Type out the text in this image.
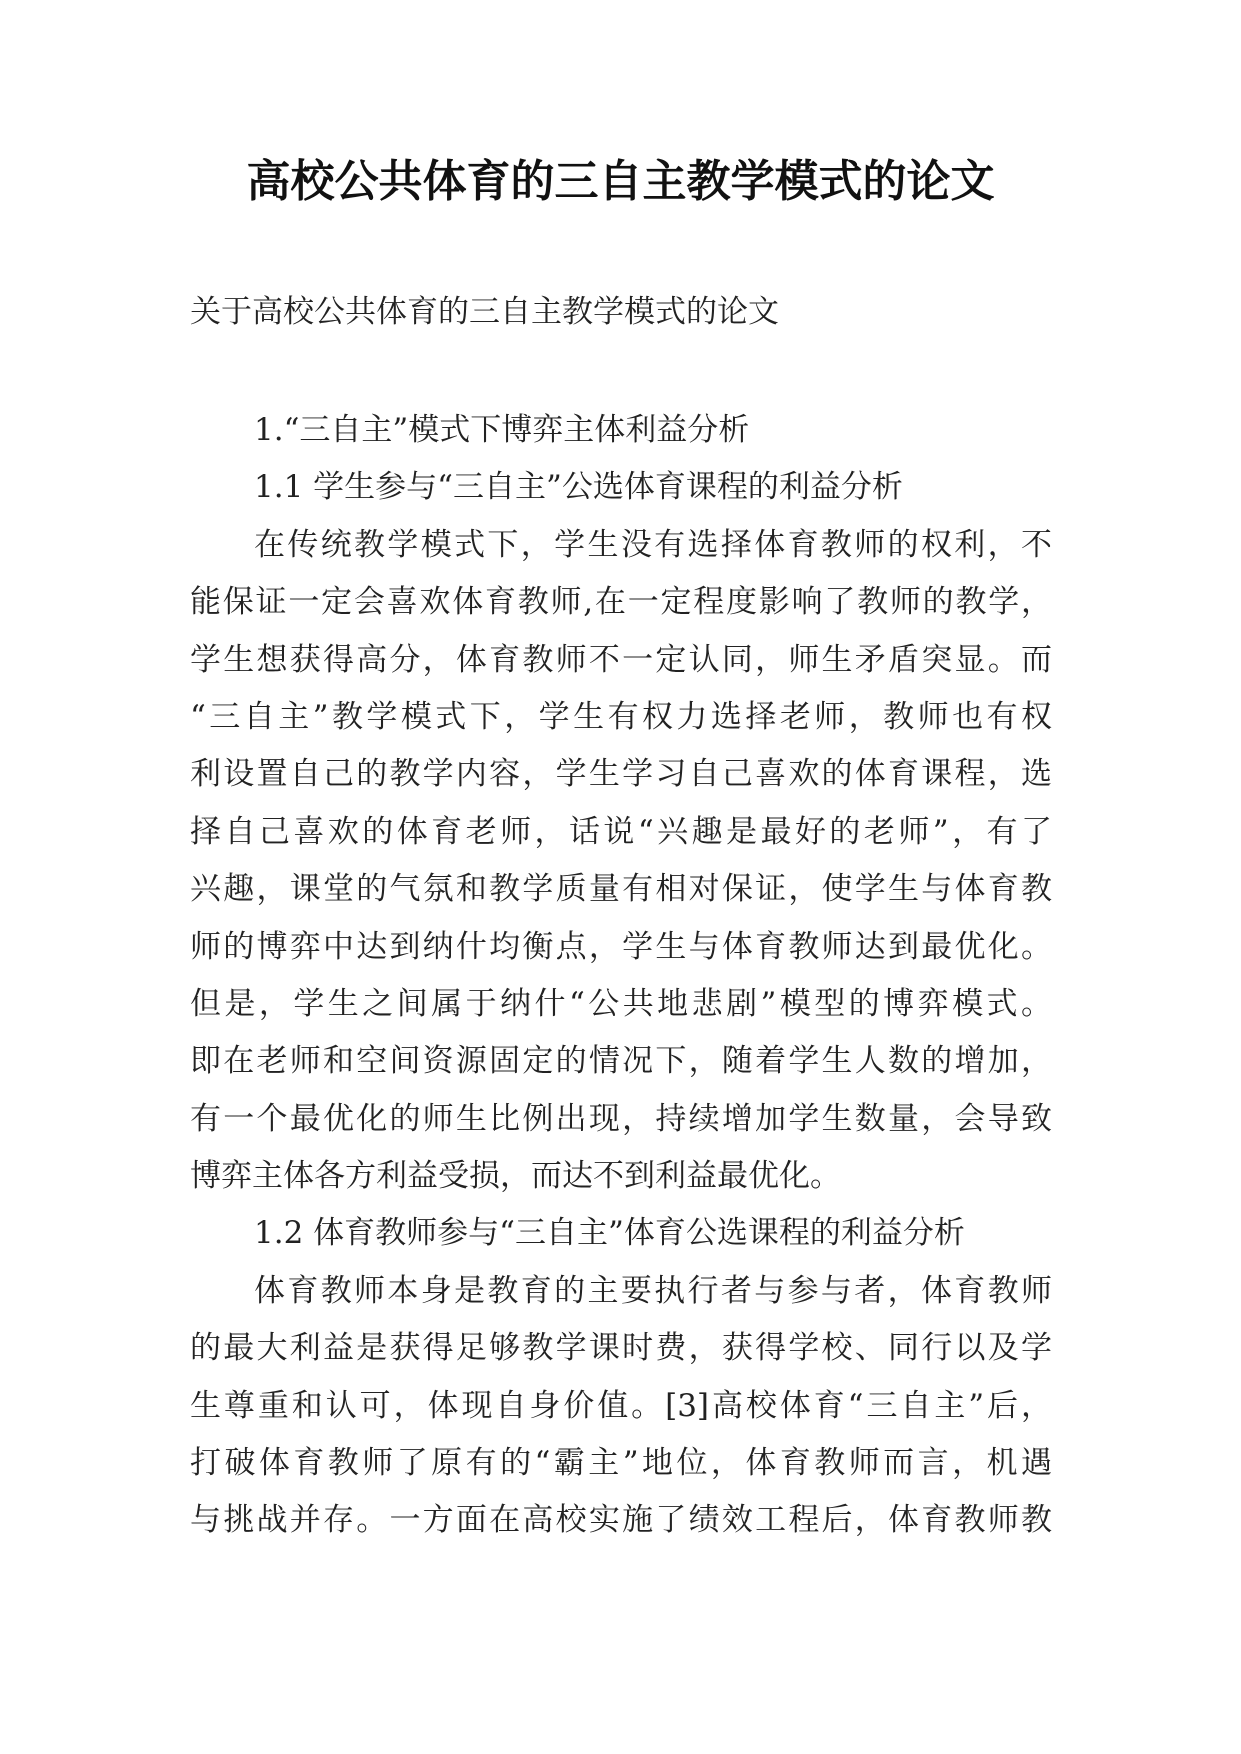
高校公共体育的三自主教学模式的论文
关于高校公共体育的三自主教学模式的论文
1.“三自主”模式下博弈主体利益分析
1.1 学生参与“三自主”公选体育课程的利益分析
在传统教学模式下，学生没有选择体育教师的权利，不
能保证一定会喜欢体育教师,在一定程度影响了教师的教学，
学生想获得高分，体育教师不一定认同，师生矛盾突显。而
“三自主”教学模式下，学生有权力选择老师，教师也有权
利设置自己的教学内容，学生学习自己喜欢的体育课程，选
择自己喜欢的体育老师，话说“兴趣是最好的老师”，有了
兴趣，课堂的气氛和教学质量有相对保证，使学生与体育教
师的博弈中达到纳什均衡点，学生与体育教师达到最优化。
但是，学生之间属于纳什“公共地悲剧”模型的博弈模式。
即在老师和空间资源固定的情况下，随着学生人数的增加，
有一个最优化的师生比例出现，持续增加学生数量，会导致
博弈主体各方利益受损，而达不到利益最优化。
1.2 体育教师参与“三自主”体育公选课程的利益分析
体育教师本身是教育的主要执行者与参与者，体育教师
的最大利益是获得足够教学课时费，获得学校、同行以及学
生尊重和认可，体现自身价值。[3]高校体育“三自主”后，
打破体育教师了原有的“霸主”地位，体育教师而言，机遇
与挑战并存。一方面在高校实施了绩效工程后，体育教师教
